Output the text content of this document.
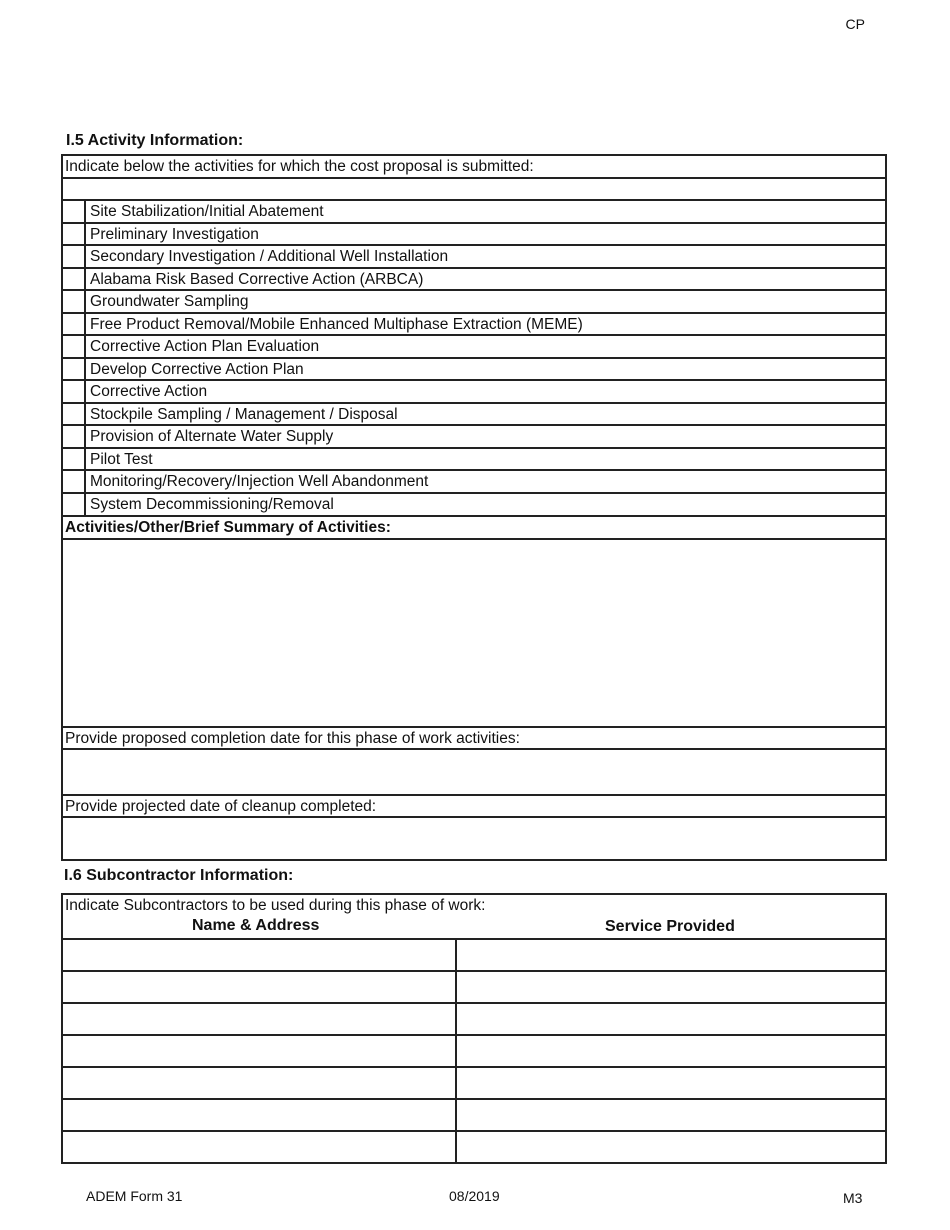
CP
I.5 Activity Information:
Indicate below the activities for which the cost proposal is submitted:
Site Stabilization/Initial Abatement
Preliminary Investigation
Secondary Investigation / Additional Well Installation
Alabama Risk Based Corrective Action (ARBCA)
Groundwater Sampling
Free Product Removal/Mobile Enhanced Multiphase Extraction (MEME)
Corrective Action Plan Evaluation
Develop Corrective Action Plan
Corrective Action
Stockpile Sampling / Management / Disposal
Provision of Alternate Water Supply
Pilot Test
Monitoring/Recovery/Injection Well Abandonment
System Decommissioning/Removal
Activities/Other/Brief Summary of Activities:
Provide proposed completion date for this phase of work activities:
Provide projected date of cleanup completed:
I.6 Subcontractor Information:
Indicate Subcontractors to be used during this phase of work:
Name & Address	Service Provided
ADEM Form 31	08/2019	M3
